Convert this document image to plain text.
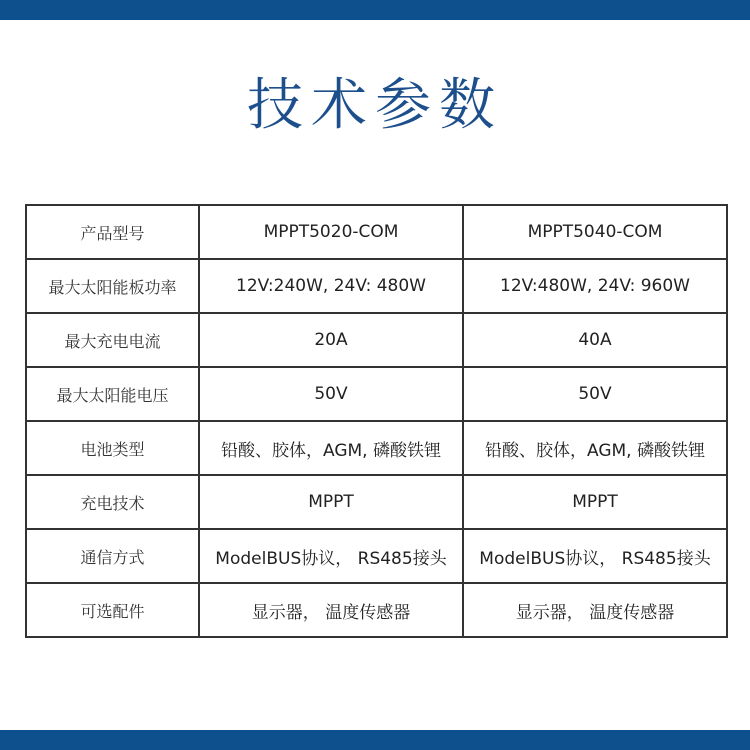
技术参数
产品型号	MPPT5020-COM	MPPT5040-COM
最大太阳能板功率	12V:240W, 24V: 480W	12V:480W, 24V: 960W
最大充电电流	20A	40A
最大太阳能电压	50V	50V
电池类型	铅酸、胶体，AGM, 磷酸铁锂	铅酸、胶体，AGM, 磷酸铁锂
充电技术	MPPT	MPPT
通信方式	ModelBUS协议， RS485接头	ModelBUS协议， RS485接头
可选配件	显示器， 温度传感器	显示器， 温度传感器
